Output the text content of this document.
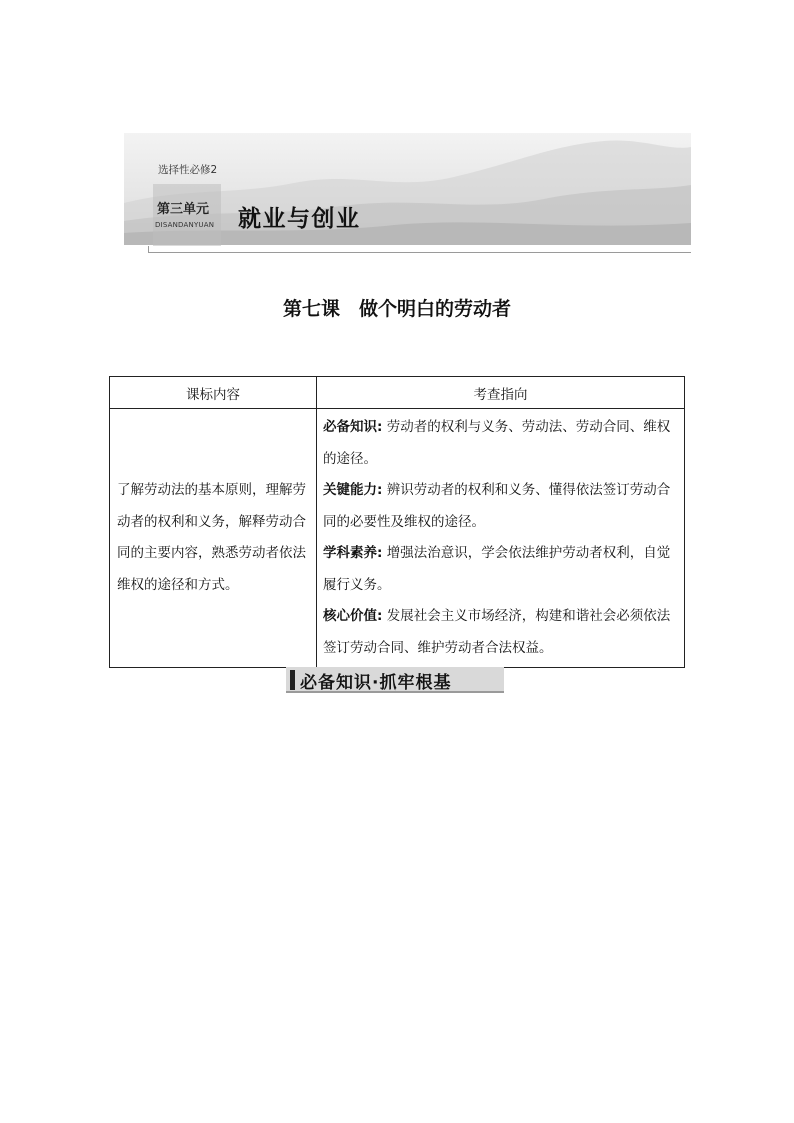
选择性必修2
第三单元
DISANDANYUAN 就业与创业
第七课　做个明白的劳动者
课标内容	考查指向
了解劳动法的基本原则，理解劳动者的权利和义务，解释劳动合同的主要内容，熟悉劳动者依法维权的途径和方式。	必备知识: 劳动者的权利与义务、劳动法、劳动合同、维权的途径。
关键能力: 辨识劳动者的权利和义务、懂得依法签订劳动合同的必要性及维权的途径。
学科素养: 增强法治意识，学会依法维护劳动者权利，自觉履行义务。
核心价值: 发展社会主义市场经济，构建和谐社会必须依法签订劳动合同、维护劳动者合法权益。
必备知识·抓牢根基
